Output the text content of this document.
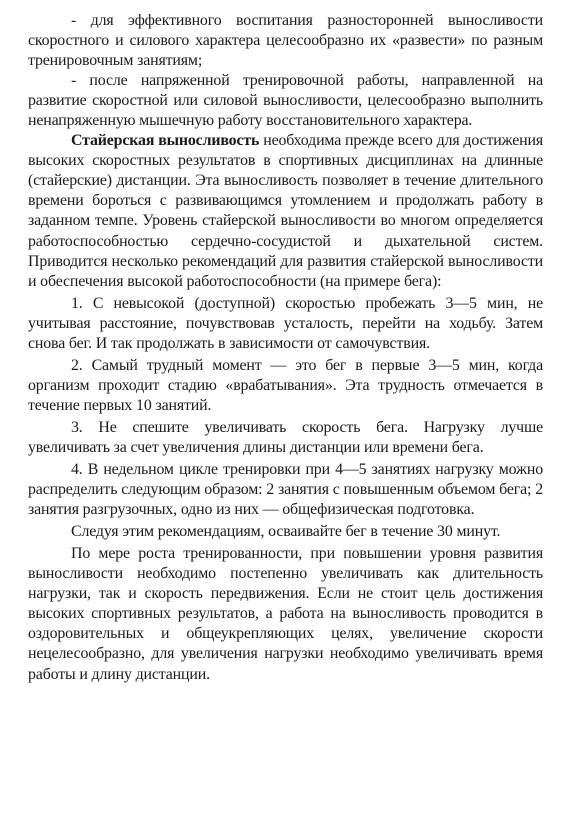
- для эффективного воспитания разносторонней выносливости скоростного и силового характера целесообразно их «развести» по разным тренировочным занятиям;

- после напряженной тренировочной работы, направленной на развитие скоростной или силовой выносливости, целесообразно выполнить ненапряженную мышечную работу восстановительного характера.

Стайерская выносливость необходима прежде всего для достижения высоких скоростных результатов в спортивных дисциплинах на длинные (стайерские) дистанции. Эта выносливость позволяет в течение длительного времени бороться с развивающимся утомлением и продолжать работу в заданном темпе. Уровень стайерской выносливости во многом определяется работоспособностью сердечно-сосудистой и дыхательной систем. Приводится несколько рекомендаций для развития стайерской выносливости и обеспечения высокой работоспособности (на примере бега):

1. С невысокой (доступной) скоростью пробежать 3—5 мин, не учитывая расстояние, почувствовав усталость, перейти на ходьбу. Затем снова бег. И так продолжать в зависимости от самочувствия.

2. Самый трудный момент — это бег в первые 3—5 мин, когда организм проходит стадию «врабатывания». Эта трудность отмечается в течение первых 10 занятий.

3. Не спешите увеличивать скорость бега. Нагрузку лучше увеличивать за счет увеличения длины дистанции или времени бега.

4. В недельном цикле тренировки при 4—5 занятиях нагрузку можно распределить следующим образом: 2 занятия с повышенным объемом бега; 2 занятия разгрузочных, одно из них — общефизическая подготовка.

Следуя этим рекомендациям, осваивайте бег в течение 30 минут.

По мере роста тренированности, при повышении уровня развития выносливости необходимо постепенно увеличивать как длительность нагрузки, так и скорость передвижения. Если не стоит цель достижения высоких спортивных результатов, а работа на выносливость проводится в оздоровительных и общеукрепляющих целях, увеличение скорости нецелесообразно, для увеличения нагрузки необходимо увеличивать время работы и длину дистанции.
